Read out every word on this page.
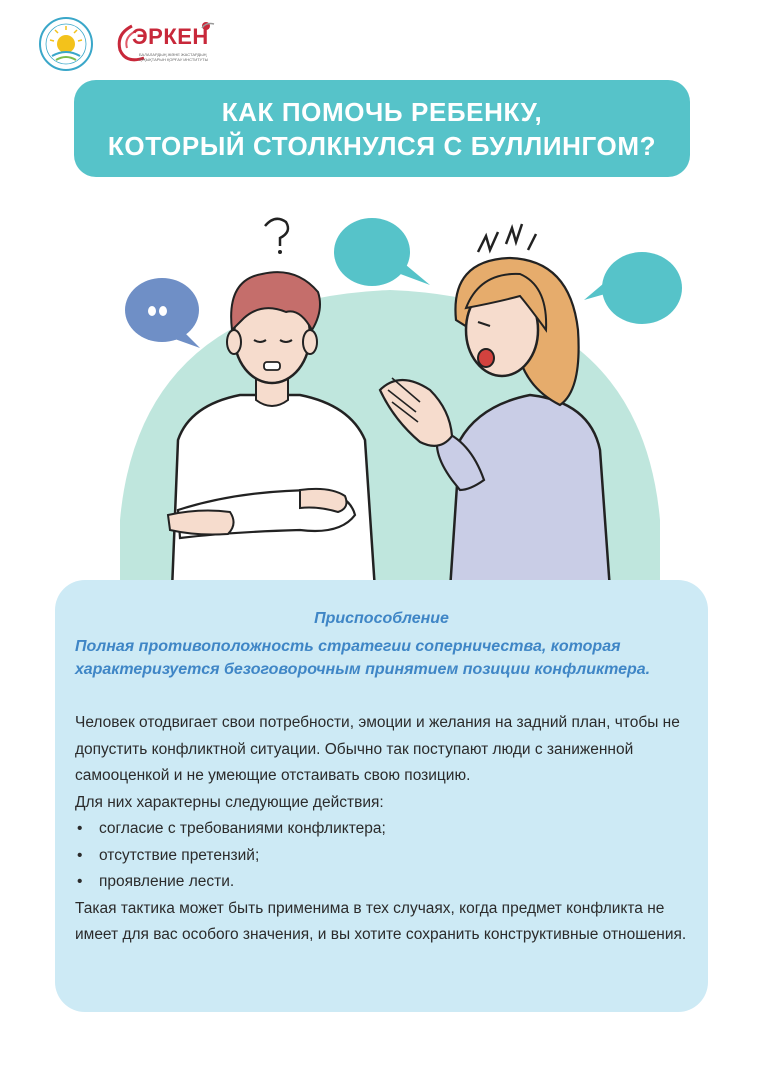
ЭРКЕН
БАЛАЛАРДЫҢ ЖӘНЕ ЖАСТАРДЫҢ ҚҰҚЫҚТАРЫН ҚОРҒАУ ИНСТИТУТЫ
КАК ПОМОЧЬ РЕБЕНКУ,
КОТОРЫЙ СТОЛКНУЛСЯ С БУЛЛИНГОМ?
Приспособление
Полная противоположность стратегии соперничества, которая характеризуется безоговорочным принятием позиции конфликтера.

Человек отодвигает свои потребности, эмоции и желания на задний план, чтобы не допустить конфликтной ситуации. Обычно так поступают люди с заниженной самооценкой и не умеющие отстаивать свою позицию.

Для них характерны следующие действия:

• согласие с требованиями конфликтера;
• отсутствие претензий;
• проявление лести.

Такая тактика может быть применима в тех случаях, когда предмет конфликта не имеет для вас особого значения, и вы хотите сохранить конструктивные отношения.
